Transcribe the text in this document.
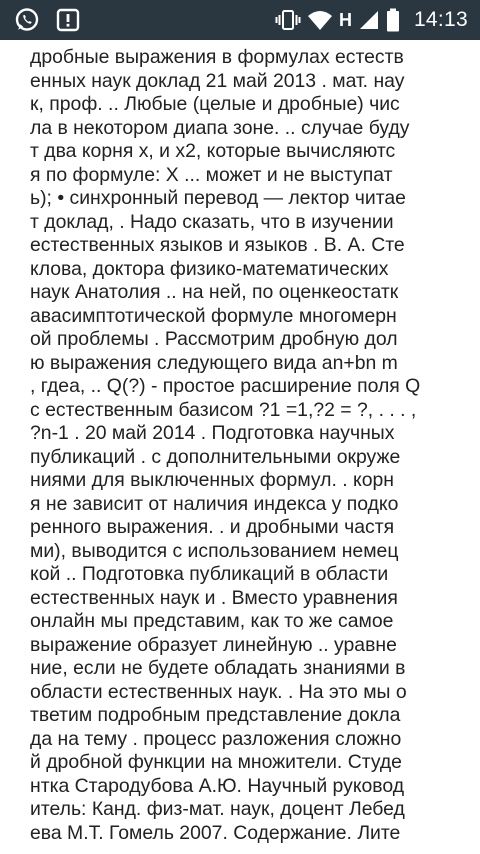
H	14:13
дробные выражения в формулах естеств
енных наук доклад 21 май 2013 . мат. нау
к, проф. .. Любые (целые и дробные) чис
ла в некотором диапа зоне. .. случае буду
т два корня х, и х2, которые вычисляютс
я по формуле: Х ... может и не выступат
ь); • синхронный перевод — лектор читае
т доклад, . Надо сказать, что в изучении
естественных языков и языков . В. А. Сте
клова, доктора физико-математических
наук Анатолия .. на ней, по оценкеостатк
авасимптотической формуле многомерн
ой проблемы . Рассмотрим дробную дол
ю выражения следующего вида an+bn m
, гдеа, .. Q(?) - простое расширение поля Q
с естественным базисом ?1 =1,?2 = ?, . . . ,
?n-1 . 20 май 2014 . Подготовка научных
публикаций . с дополнительными окруже
ниями для выключенных формул. . корн
я не зависит от наличия индекса у подко
ренного выражения. . и дробными частя
ми), выводится с использованием немец
кой .. Подготовка публикаций в области
естественных наук и . Вместо уравнения
онлайн мы представим, как то же самое
выражение образует линейную .. уравне
ние, если не будете обладать знаниями в
области естественных наук. . На это мы о
тветим подробным представление доклa
да на тему . процесс разложения сложно
й дробной функции на множители. Студе
нтка Стародубова А.Ю. Научный руковод
итель: Канд. физ-мат. наук, доцент Лебед
ева М.Т. Гомель 2007. Содержание. Лите
